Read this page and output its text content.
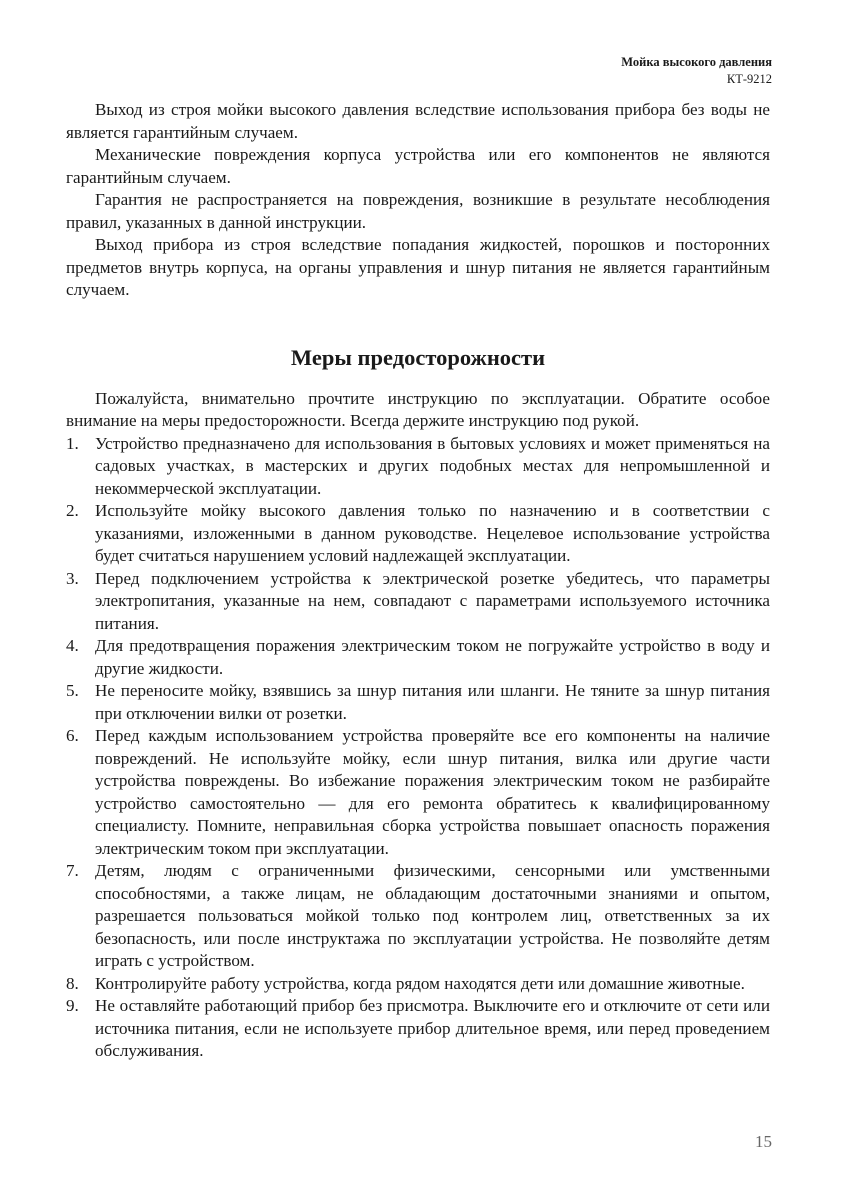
Мойка высокого давления
КТ-9212

Выход из строя мойки высокого давления вследствие использования прибора без воды не является гарантийным случаем.

Механические повреждения корпуса устройства или его компонентов не являются гарантийным случаем.

Гарантия не распространяется на повреждения, возникшие в результате несоблюдения правил, указанных в данной инструкции.

Выход прибора из строя вследствие попадания жидкостей, порошков и посторонних предметов внутрь корпуса, на органы управления и шнур питания не является гарантийным случаем.

Меры предосторожности

Пожалуйста, внимательно прочтите инструкцию по эксплуатации. Обратите особое внимание на меры предосторожности. Всегда держите инструкцию под рукой.

1. Устройство предназначено для использования в бытовых условиях и может применяться на садовых участках, в мастерских и других подобных местах для непромышленной и некоммерческой эксплуатации.
2. Используйте мойку высокого давления только по назначению и в соответствии с указаниями, изложенными в данном руководстве. Нецелевое использование устройства будет считаться нарушением условий надлежащей эксплуатации.
3. Перед подключением устройства к электрической розетке убедитесь, что параметры электропитания, указанные на нем, совпадают с параметрами используемого источника питания.
4. Для предотвращения поражения электрическим током не погружайте устройство в воду и другие жидкости.
5. Не переносите мойку, взявшись за шнур питания или шланги. Не тяните за шнур питания при отключении вилки от розетки.
6. Перед каждым использованием устройства проверяйте все его компоненты на наличие повреждений. Не используйте мойку, если шнур питания, вилка или другие части устройства повреждены. Во избежание поражения электрическим током не разбирайте устройство самостоятельно — для его ремонта обратитесь к квалифицированному специалисту. Помните, неправильная сборка устройства повышает опасность поражения электрическим током при эксплуатации.
7. Детям, людям с ограниченными физическими, сенсорными или умственными способностями, а также лицам, не обладающим достаточными знаниями и опытом, разрешается пользоваться мойкой только под контролем лиц, ответственных за их безопасность, или после инструктажа по эксплуатации устройства. Не позволяйте детям играть с устройством.
8. Контролируйте работу устройства, когда рядом находятся дети или домашние животные.
9. Не оставляйте работающий прибор без присмотра. Выключите его и отключите от сети или источника питания, если не используете прибор длительное время, или перед проведением обслуживания.
15
